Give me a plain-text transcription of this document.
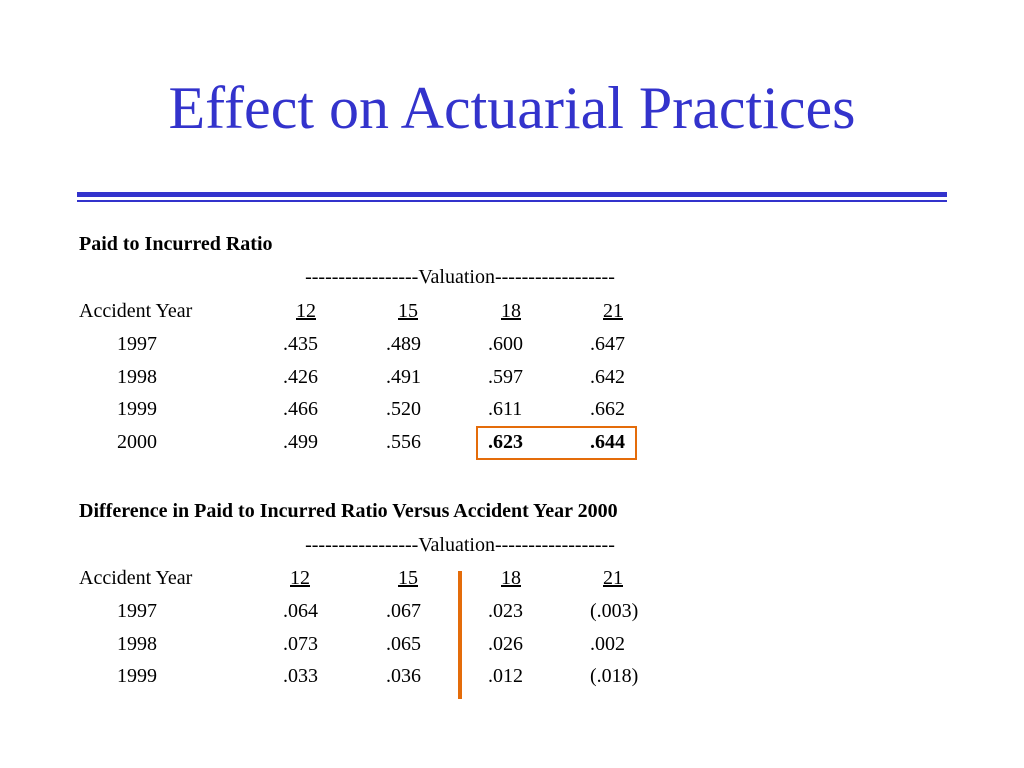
Effect on Actuarial Practices
Paid to Incurred Ratio
-----------------Valuation------------------
Accident Year	12	15	18	21
1997	.435	.489	.600	.647
1998	.426	.491	.597	.642
1999	.466	.520	.611	.662
2000	.499	.556	.623	.644
Difference in Paid to Incurred Ratio Versus Accident Year 2000
-----------------Valuation------------------
Accident Year	12	15	18	21
1997	.064	.067	.023	(.003)
1998	.073	.065	.026	.002
1999	.033	.036	.012	(.018)
